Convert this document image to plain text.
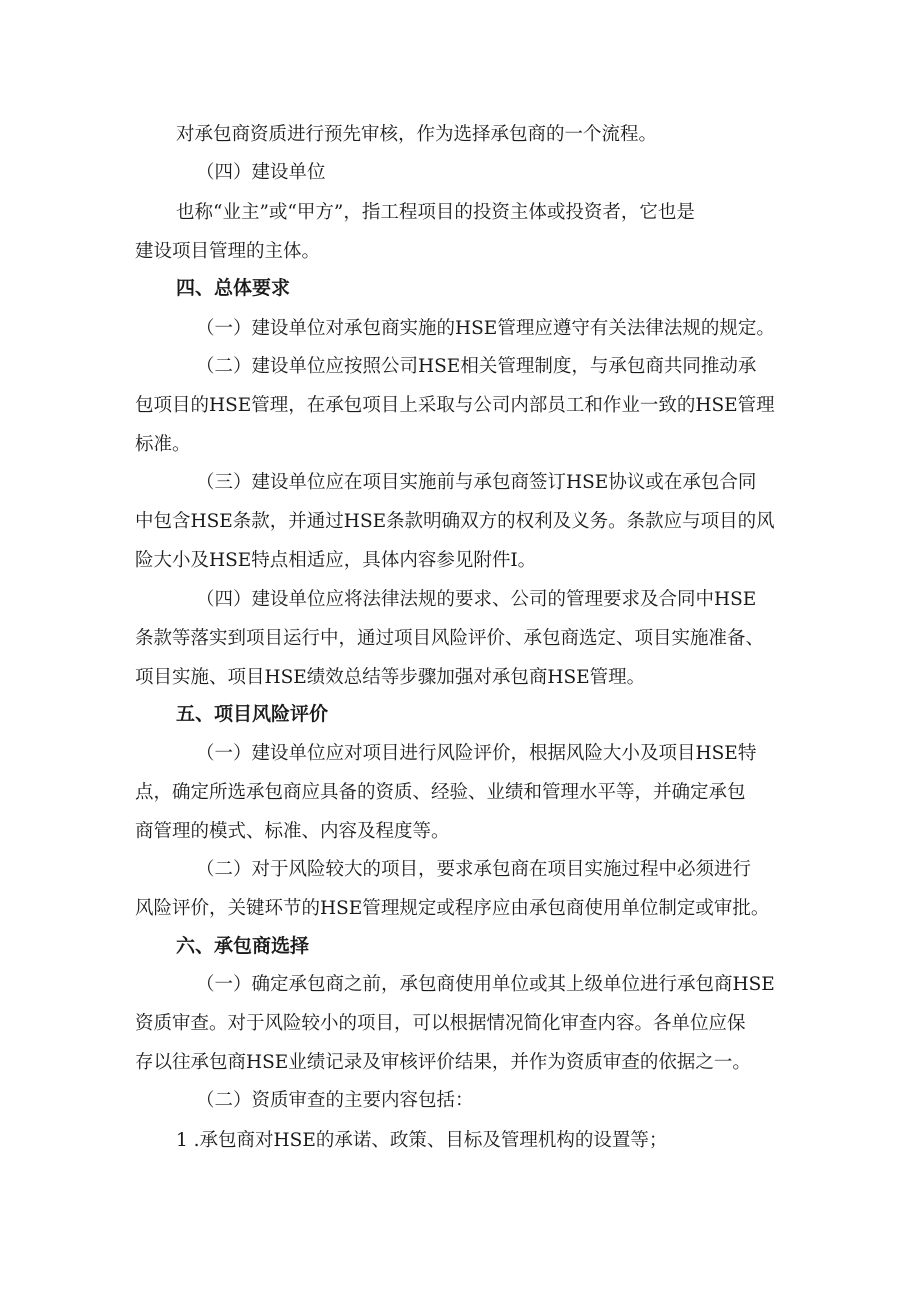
对承包商资质进行预先审核，作为选择承包商的一个流程。

（四）建设单位

也称“业主”或“甲方”，指工程项目的投资主体或投资者，它也是
建设项目管理的主体。

四、总体要求

（一）建设单位对承包商实施的HSE管理应遵守有关法律法规的规定。

（二）建设单位应按照公司HSE相关管理制度，与承包商共同推动承
包项目的HSE管理，在承包项目上采取与公司内部员工和作业一致的HSE管理
标准。

（三）建设单位应在项目实施前与承包商签订HSE协议或在承包合同
中包含HSE条款，并通过HSE条款明确双方的权利及义务。条款应与项目的风
险大小及HSE特点相适应，具体内容参见附件I。

（四）建设单位应将法律法规的要求、公司的管理要求及合同中HSE
条款等落实到项目运行中，通过项目风险评价、承包商选定、项目实施准备、
项目实施、项目HSE绩效总结等步骤加强对承包商HSE管理。

五、项目风险评价

（一）建设单位应对项目进行风险评价，根据风险大小及项目HSE特
点，确定所选承包商应具备的资质、经验、业绩和管理水平等，并确定承包
商管理的模式、标准、内容及程度等。

（二）对于风险较大的项目，要求承包商在项目实施过程中必须进行
风险评价，关键环节的HSE管理规定或程序应由承包商使用单位制定或审批。

六、承包商选择

（一）确定承包商之前，承包商使用单位或其上级单位进行承包商HSE
资质审查。对于风险较小的项目，可以根据情况简化审查内容。各单位应保
存以往承包商HSE业绩记录及审核评价结果，并作为资质审查的依据之一。

（二）资质审查的主要内容包括：

1 .承包商对HSE的承诺、政策、目标及管理机构的设置等；
